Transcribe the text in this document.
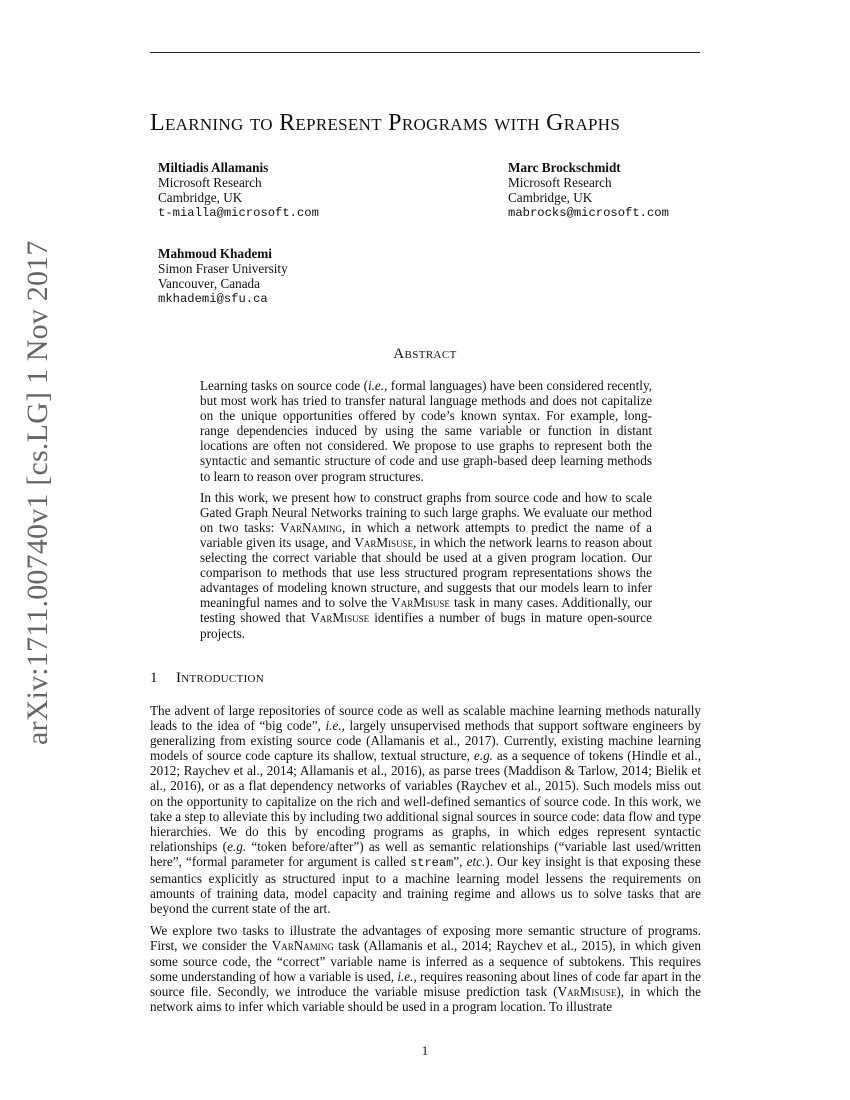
arXiv:1711.00740v1 [cs.LG] 1 Nov 2017
Learning to Represent Programs with Graphs
Miltiadis Allamanis
Microsoft Research
Cambridge, UK
t-mialla@microsoft.com
Marc Brockschmidt
Microsoft Research
Cambridge, UK
mabrocks@microsoft.com
Mahmoud Khademi
Simon Fraser University
Vancouver, Canada
mkhademi@sfu.ca
Abstract

Learning tasks on source code (i.e., formal languages) have been considered recently, but most work has tried to transfer natural language methods and does not capitalize on the unique opportunities offered by code’s known syntax. For example, long-range dependencies induced by using the same variable or function in distant locations are often not considered. We propose to use graphs to represent both the syntactic and semantic structure of code and use graph-based deep learning methods to learn to reason over program structures.

In this work, we present how to construct graphs from source code and how to scale Gated Graph Neural Networks training to such large graphs. We evaluate our method on two tasks: VarNaming, in which a network attempts to predict the name of a variable given its usage, and VarMisuse, in which the network learns to reason about selecting the correct variable that should be used at a given program location. Our comparison to methods that use less structured program representations shows the advantages of modeling known structure, and suggests that our models learn to infer meaningful names and to solve the VarMisuse task in many cases. Additionally, our testing showed that VarMisuse identifies a number of bugs in mature open-source projects.

1 Introduction

The advent of large repositories of source code as well as scalable machine learning methods naturally leads to the idea of “big code”, i.e., largely unsupervised methods that support software engineers by generalizing from existing source code (Allamanis et al., 2017). Currently, existing machine learning models of source code capture its shallow, textual structure, e.g. as a sequence of tokens (Hindle et al., 2012; Raychev et al., 2014; Allamanis et al., 2016), as parse trees (Maddison & Tarlow, 2014; Bielik et al., 2016), or as a flat dependency networks of variables (Raychev et al., 2015). Such models miss out on the opportunity to capitalize on the rich and well-defined semantics of source code. In this work, we take a step to alleviate this by including two additional signal sources in source code: data flow and type hierarchies. We do this by encoding programs as graphs, in which edges represent syntactic relationships (e.g. “token before/after”) as well as semantic relationships (“variable last used/written here”, “formal parameter for argument is called stream”, etc.). Our key insight is that exposing these semantics explicitly as structured input to a machine learning model lessens the requirements on amounts of training data, model capacity and training regime and allows us to solve tasks that are beyond the current state of the art.

We explore two tasks to illustrate the advantages of exposing more semantic structure of programs. First, we consider the VarNaming task (Allamanis et al., 2014; Raychev et al., 2015), in which given some source code, the “correct” variable name is inferred as a sequence of subtokens. This requires some understanding of how a variable is used, i.e., requires reasoning about lines of code far apart in the source file. Secondly, we introduce the variable misuse prediction task (VarMisuse), in which the network aims to infer which variable should be used in a program location. To illustrate

1
